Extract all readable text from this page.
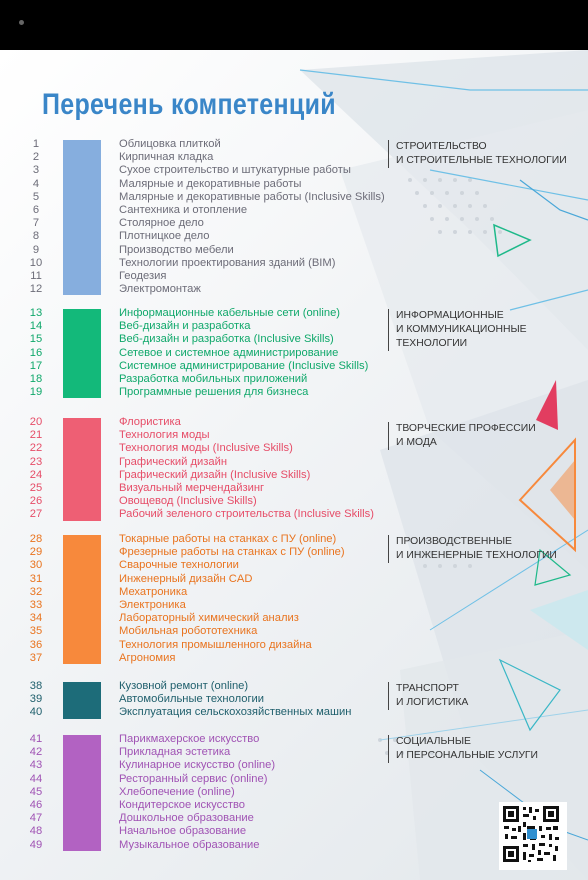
Перечень компетенций
1
2
3
4
5
6
7
8
9
10
11
12
Облицовка плиткой
Кирпичная кладка
Сухое строительство и штукатурные работы
Малярные и декоративные работы
Малярные и декоративные работы (Inclusive Skills)
Сантехника и отопление
Столярное дело
Плотницкое дело
Производство мебели
Технологии проектирования зданий (BIM)
Геодезия
Электромонтаж
СТРОИТЕЛЬСТВО
И СТРОИТЕЛЬНЫЕ ТЕХНОЛОГИИ
13
14
15
16
17
18
19
Информационные кабельные сети (online)
Веб-дизайн и разработка
Веб-дизайн и разработка (Inclusive Skills)
Сетевое и системное администрирование
Системное администрирование (Inclusive Skills)
Разработка мобильных приложений
Программные решения для бизнеса
ИНФОРМАЦИОННЫЕ
И КОММУНИКАЦИОННЫЕ
ТЕХНОЛОГИИ
20
21
22
23
24
25
26
27
Флористика
Технология моды
Технология моды (Inclusive Skills)
Графический дизайн
Графический дизайн (Inclusive Skills)
Визуальный мерчендайзинг
Овощевод (Inclusive Skills)
Рабочий зеленого строительства (Inclusive Skills)
ТВОРЧЕСКИЕ ПРОФЕССИИ
И МОДА
28
29
30
31
32
33
34
35
36
37
Токарные работы на станках с ПУ (online)
Фрезерные работы на станках с ПУ (online)
Сварочные технологии
Инженерный дизайн CAD
Мехатроника
Электроника
Лабораторный химический анализ
Мобильная робототехника
Технология промышленного дизайна
Агрономия
ПРОИЗВОДСТВЕННЫЕ
И ИНЖЕНЕРНЫЕ ТЕХНОЛОГИИ
38
39
40
Кузовной ремонт (online)
Автомобильные технологии
Эксплуатация сельскохозяйственных машин
ТРАНСПОРТ
И ЛОГИСТИКА
41
42
43
44
45
46
47
48
49
Парикмахерское искусство
Прикладная эстетика
Кулинарное искусство (online)
Ресторанный сервис (online)
Хлебопечение (online)
Кондитерское искусство
Дошкольное образование
Начальное образование
Музыкальное образование
СОЦИАЛЬНЫЕ
И ПЕРСОНАЛЬНЫЕ УСЛУГИ
